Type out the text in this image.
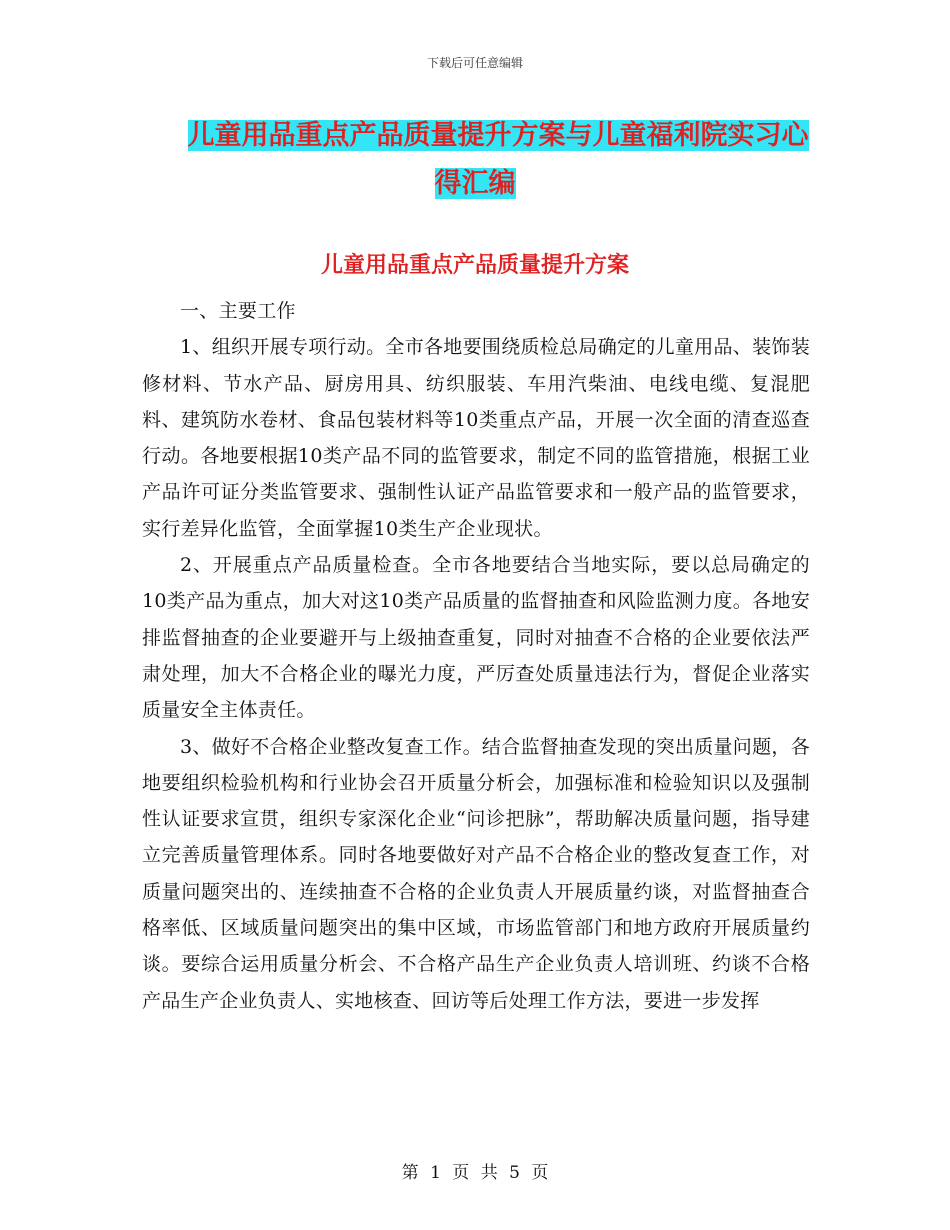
下载后可任意编辑
儿童用品重点产品质量提升方案与儿童福利院实习心
得汇编
儿童用品重点产品质量提升方案

一、主要工作

1、组织开展专项行动。全市各地要围绕质检总局确定的儿童用品、装饰装修材料、节水产品、厨房用具、纺织服装、车用汽柴油、电线电缆、复混肥料、建筑防水卷材、食品包装材料等10类重点产品，开展一次全面的清查巡查行动。各地要根据10类产品不同的监管要求，制定不同的监管措施，根据工业产品许可证分类监管要求、强制性认证产品监管要求和一般产品的监管要求，实行差异化监管，全面掌握10类生产企业现状。

2、开展重点产品质量检查。全市各地要结合当地实际，要以总局确定的10类产品为重点，加大对这10类产品质量的监督抽查和风险监测力度。各地安排监督抽查的企业要避开与上级抽查重复，同时对抽查不合格的企业要依法严肃处理，加大不合格企业的曝光力度，严厉查处质量违法行为，督促企业落实质量安全主体责任。

3、做好不合格企业整改复查工作。结合监督抽查发现的突出质量问题，各地要组织检验机构和行业协会召开质量分析会，加强标准和检验知识以及强制性认证要求宣贯，组织专家深化企业“问诊把脉”，帮助解决质量问题，指导建立完善质量管理体系。同时各地要做好对产品不合格企业的整改复查工作，对质量问题突出的、连续抽查不合格的企业负责人开展质量约谈，对监督抽查合格率低、区域质量问题突出的集中区域，市场监管部门和地方政府开展质量约谈。要综合运用质量分析会、不合格产品生产企业负责人培训班、约谈不合格产品生产企业负责人、实地核查、回访等后处理工作方法，要进一步发挥

第 1 页 共 5 页
